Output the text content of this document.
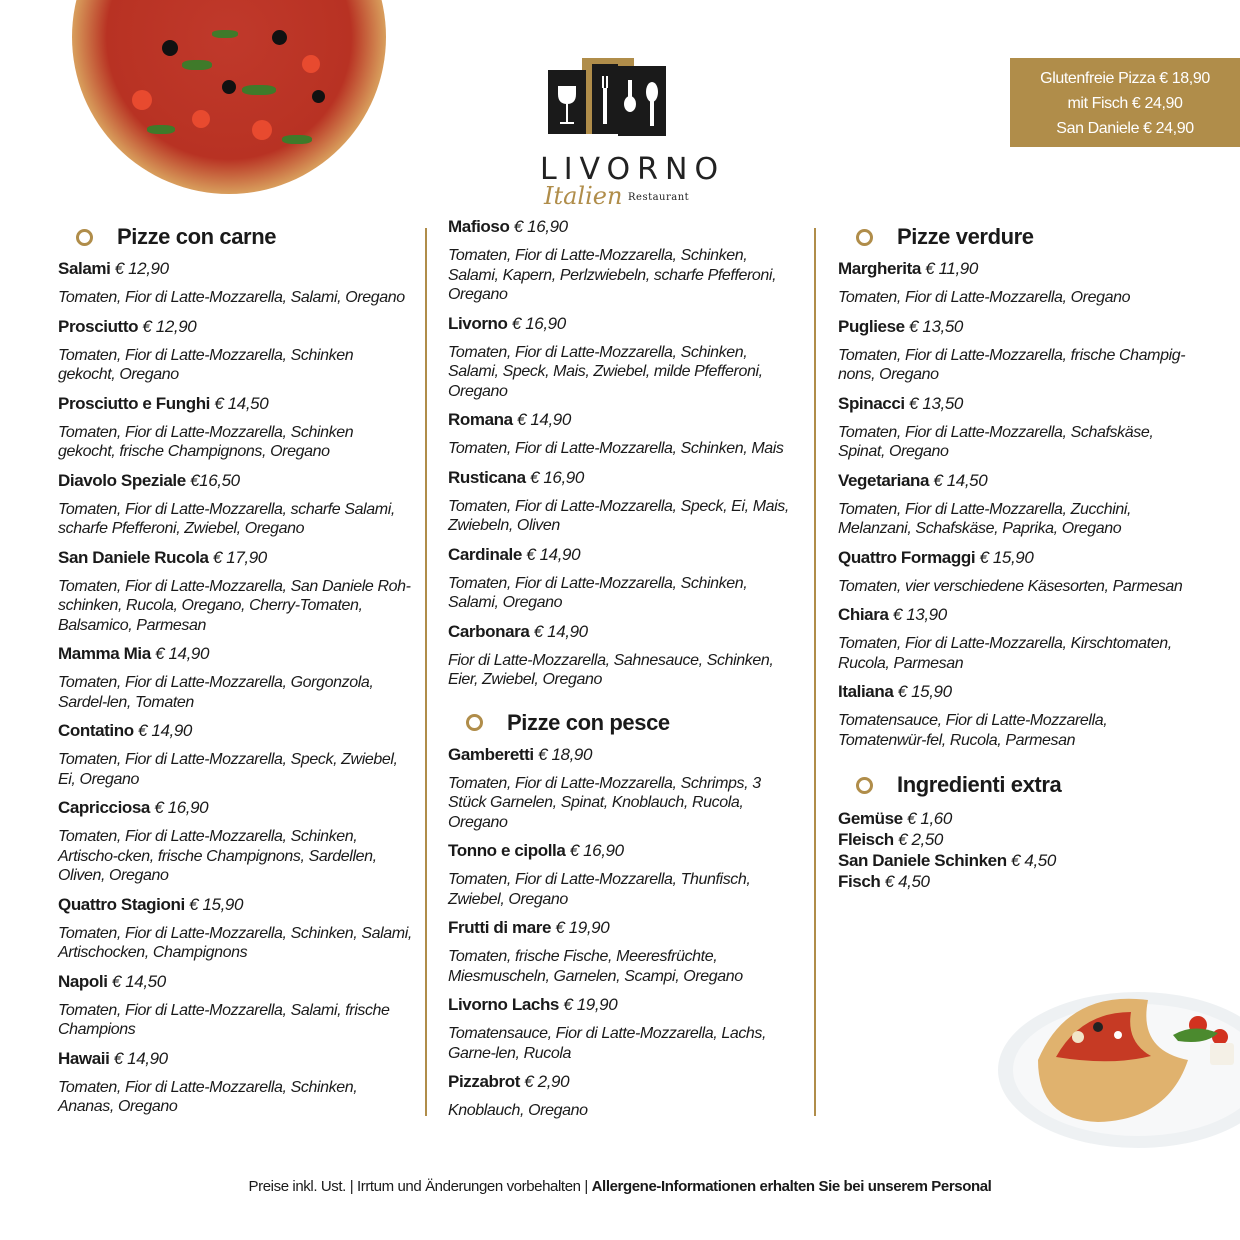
LIVORNO
Italien Restaurant
Glutenfreie Pizza € 18,90
mit Fisch € 24,90
San Daniele € 24,90
Pizze con carne
Salami € 12,90
Tomaten, Fior di Latte-Mozzarella, Salami, Oregano
Prosciutto € 12,90
Tomaten, Fior di Latte-Mozzarella, Schinken gekocht, Oregano
Prosciutto e Funghi € 14,50
Tomaten, Fior di Latte-Mozzarella, Schinken gekocht, frische Champignons, Oregano
Diavolo Speziale €16,50
Tomaten, Fior di Latte-Mozzarella, scharfe Salami, scharfe Pfefferoni, Zwiebel, Oregano
San Daniele Rucola € 17,90
Tomaten, Fior di Latte-Mozzarella, San Daniele Roh-schinken, Rucola, Oregano, Cherry-Tomaten, Balsamico, Parmesan
Mamma Mia € 14,90
Tomaten, Fior di Latte-Mozzarella, Gorgonzola, Sardel-len, Tomaten
Contatino € 14,90
Tomaten, Fior di Latte-Mozzarella, Speck, Zwiebel, Ei, Oregano
Capricciosa € 16,90
Tomaten, Fior di Latte-Mozzarella, Schinken, Artischo-cken, frische Champignons, Sardellen, Oliven, Oregano
Quattro Stagioni € 15,90
Tomaten, Fior di Latte-Mozzarella, Schinken, Salami, Artischocken, Champignons
Napoli € 14,50
Tomaten, Fior di Latte-Mozzarella, Salami, frische Champions
Hawaii € 14,90
Tomaten, Fior di Latte-Mozzarella, Schinken, Ananas, Oregano
Mafioso € 16,90
Tomaten, Fior di Latte-Mozzarella, Schinken, Salami, Kapern, Perlzwiebeln, scharfe Pfefferoni, Oregano
Livorno € 16,90
Tomaten, Fior di Latte-Mozzarella, Schinken, Salami, Speck, Mais, Zwiebel, milde Pfefferoni, Oregano
Romana € 14,90
Tomaten, Fior di Latte-Mozzarella, Schinken, Mais
Rusticana € 16,90
Tomaten, Fior di Latte-Mozzarella, Speck, Ei, Mais, Zwiebeln, Oliven
Cardinale € 14,90
Tomaten, Fior di Latte-Mozzarella, Schinken, Salami, Oregano
Carbonara € 14,90
Fior di Latte-Mozzarella, Sahnesauce, Schinken, Eier, Zwiebel, Oregano
Pizze con pesce
Gamberetti € 18,90
Tomaten, Fior di Latte-Mozzarella, Schrimps, 3 Stück Garnelen, Spinat, Knoblauch, Rucola, Oregano
Tonno e cipolla € 16,90
Tomaten, Fior di Latte-Mozzarella, Thunfisch, Zwiebel, Oregano
Frutti di mare € 19,90
Tomaten, frische Fische, Meeresfrüchte, Miesmuscheln, Garnelen, Scampi, Oregano
Livorno Lachs € 19,90
Tomatensauce, Fior di Latte-Mozzarella, Lachs, Garne-len, Rucola
Pizzabrot € 2,90
Knoblauch, Oregano
Pizze verdure
Margherita € 11,90
Tomaten, Fior di Latte-Mozzarella, Oregano
Pugliese € 13,50
Tomaten, Fior di Latte-Mozzarella, frische Champig-nons, Oregano
Spinacci € 13,50
Tomaten, Fior di Latte-Mozzarella, Schafskäse, Spinat, Oregano
Vegetariana € 14,50
Tomaten, Fior di Latte-Mozzarella, Zucchini, Melanzani, Schafskäse, Paprika, Oregano
Quattro Formaggi € 15,90
Tomaten, vier verschiedene Käsesorten, Parmesan
Chiara € 13,90
Tomaten, Fior di Latte-Mozzarella, Kirschtomaten, Rucola, Parmesan
Italiana € 15,90
Tomatensauce, Fior di Latte-Mozzarella, Tomatenwür-fel, Rucola, Parmesan
Ingredienti extra
Gemüse € 1,60
Fleisch € 2,50
San Daniele Schinken € 4,50
Fisch € 4,50
Preise inkl. Ust. | Irrtum und Änderungen vorbehalten | Allergene-Informationen erhalten Sie bei unserem Personal
